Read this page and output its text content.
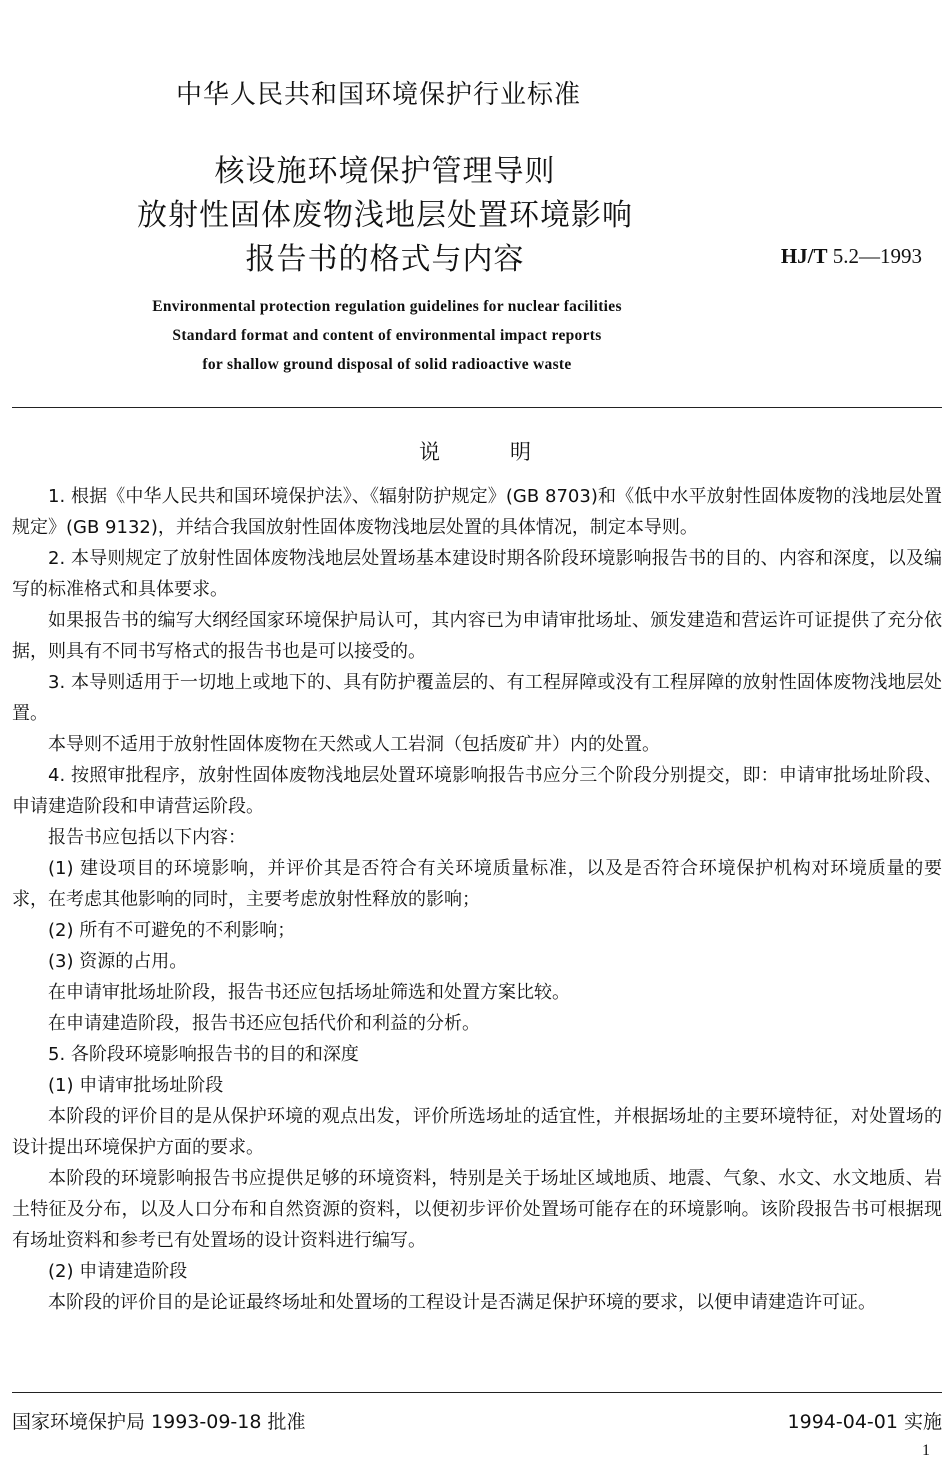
中华人民共和国环境保护行业标准
核设施环境保护管理导则
放射性固体废物浅地层处置环境影响
报告书的格式与内容	HJ/T 5.2—1993
Environmental protection regulation guidelines for nuclear facilities
Standard format and content of environmental impact reports
for shallow ground disposal of solid radioactive waste
说	明

1. 根据《中华人民共和国环境保护法》、《辐射防护规定》(GB 8703)和《低中水平放射性固体废物的浅地层处置规定》(GB 9132)，并结合我国放射性固体废物浅地层处置的具体情况，制定本导则。

2. 本导则规定了放射性固体废物浅地层处置场基本建设时期各阶段环境影响报告书的目的、内容和深度，以及编写的标准格式和具体要求。

如果报告书的编写大纲经国家环境保护局认可，其内容已为申请审批场址、颁发建造和营运许可证提供了充分依据，则具有不同书写格式的报告书也是可以接受的。

3. 本导则适用于一切地上或地下的、具有防护覆盖层的、有工程屏障或没有工程屏障的放射性固体废物浅地层处置。

本导则不适用于放射性固体废物在天然或人工岩洞（包括废矿井）内的处置。

4. 按照审批程序，放射性固体废物浅地层处置环境影响报告书应分三个阶段分别提交，即：申请审批场址阶段、申请建造阶段和申请营运阶段。

报告书应包括以下内容：

(1) 建设项目的环境影响，并评价其是否符合有关环境质量标准，以及是否符合环境保护机构对环境质量的要求，在考虑其他影响的同时，主要考虑放射性释放的影响；

(2) 所有不可避免的不利影响；

(3) 资源的占用。

在申请审批场址阶段，报告书还应包括场址筛选和处置方案比较。

在申请建造阶段，报告书还应包括代价和利益的分析。

5. 各阶段环境影响报告书的目的和深度

(1) 申请审批场址阶段

本阶段的评价目的是从保护环境的观点出发，评价所选场址的适宜性，并根据场址的主要环境特征，对处置场的设计提出环境保护方面的要求。

本阶段的环境影响报告书应提供足够的环境资料，特别是关于场址区域地质、地震、气象、水文、水文地质、岩土特征及分布，以及人口分布和自然资源的资料，以便初步评价处置场可能存在的环境影响。该阶段报告书可根据现有场址资料和参考已有处置场的设计资料进行编写。

(2) 申请建造阶段

本阶段的评价目的是论证最终场址和处置场的工程设计是否满足保护环境的要求，以便申请建造许可证。

国家环境保护局 1993-09-18 批准	1994-04-01 实施
1
